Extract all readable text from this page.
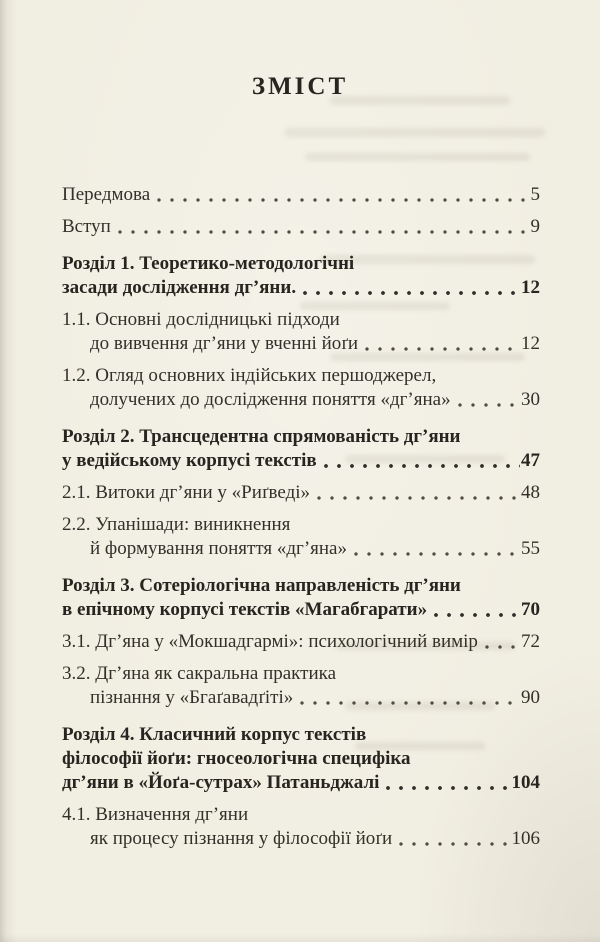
ЗМІСТ
Передмова	5
Вступ	9
Розділ 1. Теоретико-методологічні
засади дослідження дг’яни.	12
1.1. Основні дослідницькі підходи
до вивчення дг’яни у вченні йоґи	12
1.2. Огляд основних індійських першоджерел,
долучених до дослідження поняття «дг’яна»	30
Розділ 2. Трансцедентна спрямованість дг’яни
у ведійському корпусі текстів	47
2.1. Витоки дг’яни у «Риґведі»	48
2.2. Упанішади: виникнення
й формування поняття «дг’яна»	55
Розділ 3. Сотеріологічна направленість дг’яни
в епічному корпусі текстів «Магабгарати»	70
3.1. Дг’яна у «Мокшадгармі»: психологічний вимір 72
3.2. Дг’яна як сакральна практика
пізнання у «Бгаґавадґіті»	90
Розділ 4. Класичний корпус текстів
філософії йоґи: гносеологічна специфіка
дг’яни в «Йоґа-сутрах» Патаньджалі	104
4.1. Визначення дг’яни
як процесу пізнання у філософії йоґи	106
